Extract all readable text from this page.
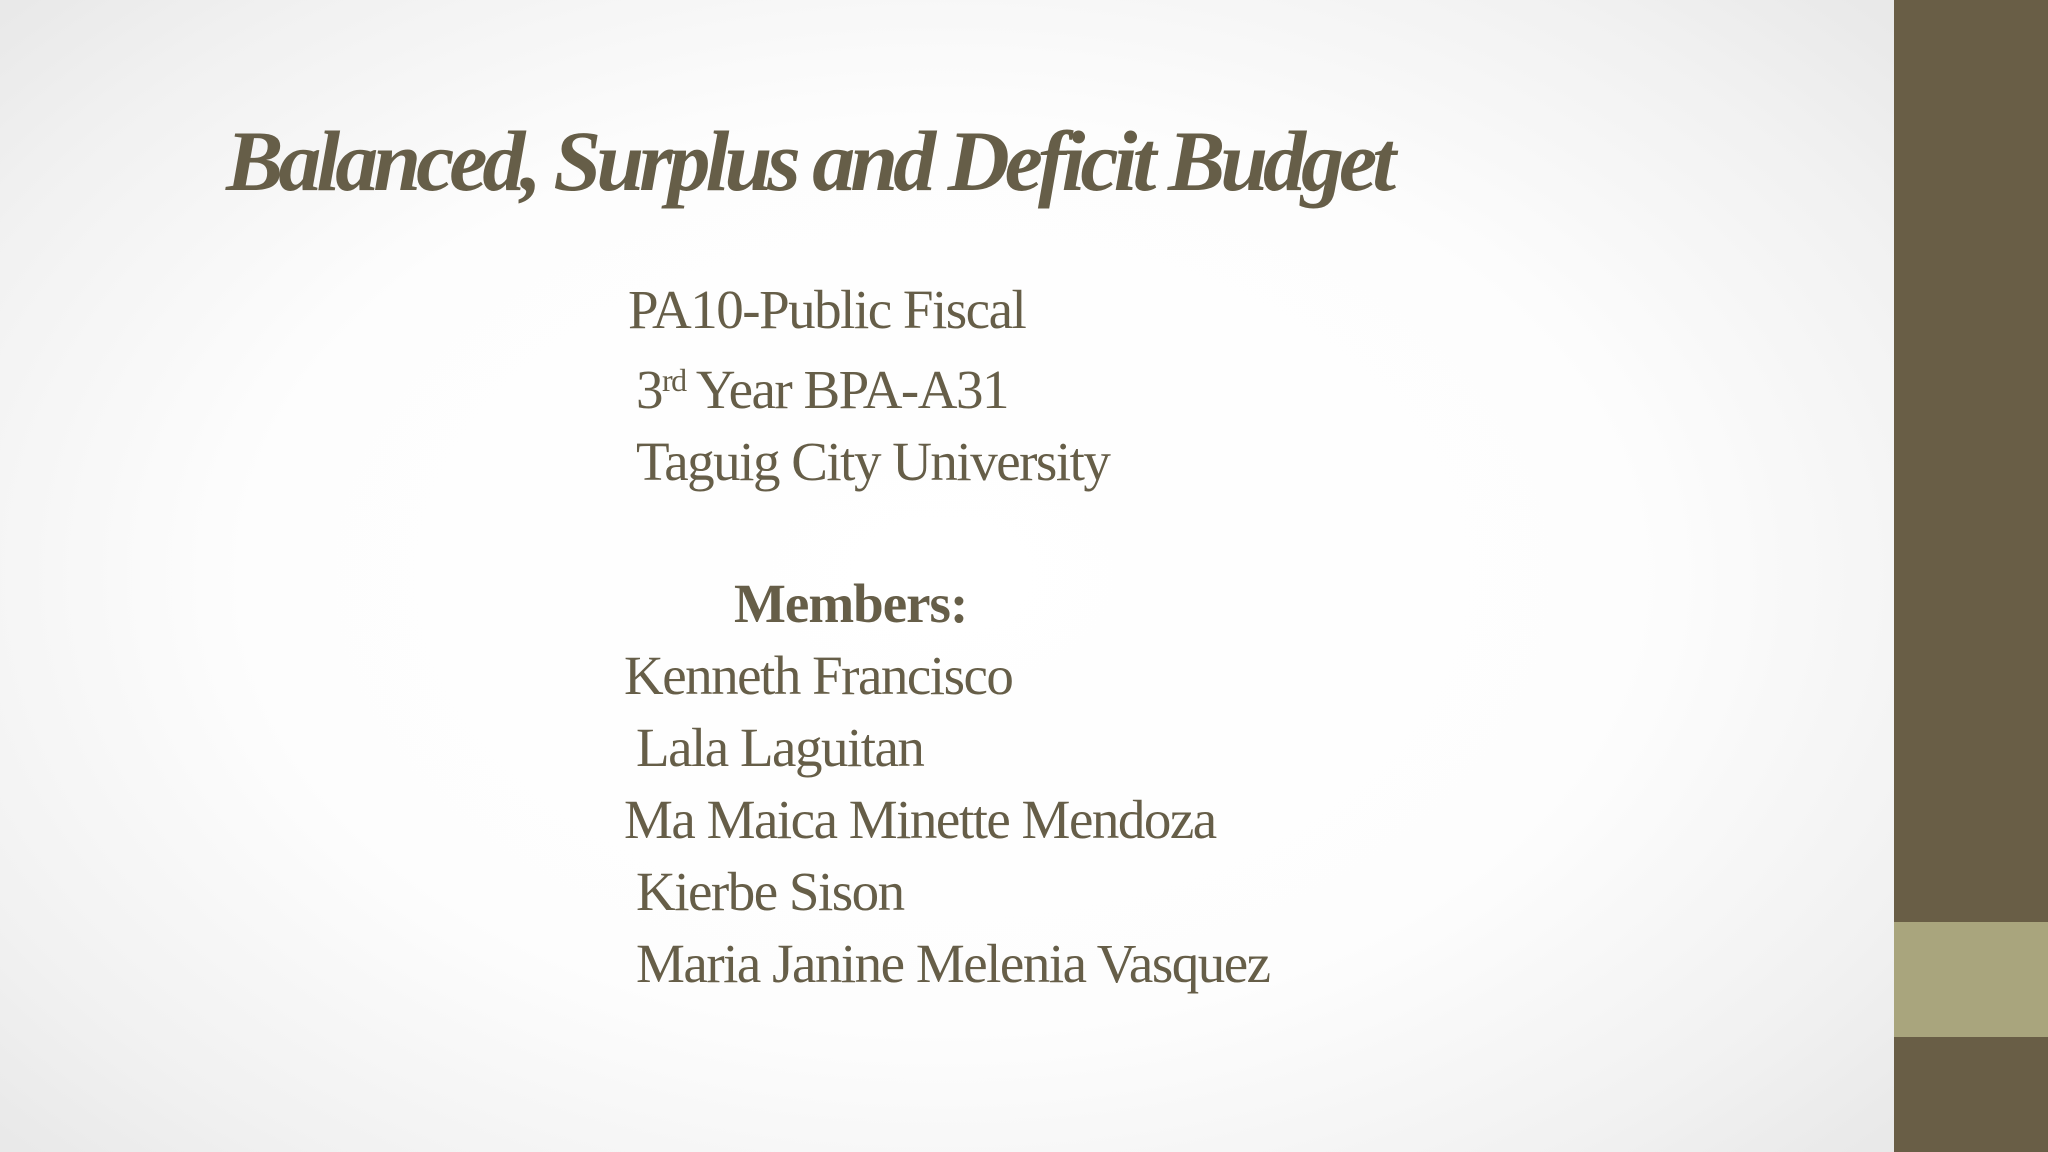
Balanced, Surplus and Deficit Budget

PA10-Public Fiscal

3rd Year BPA-A31

Taguig City University

Members:

Kenneth Francisco

Lala Laguitan

Ma Maica Minette Mendoza

Kierbe Sison

Maria Janine Melenia Vasquez
